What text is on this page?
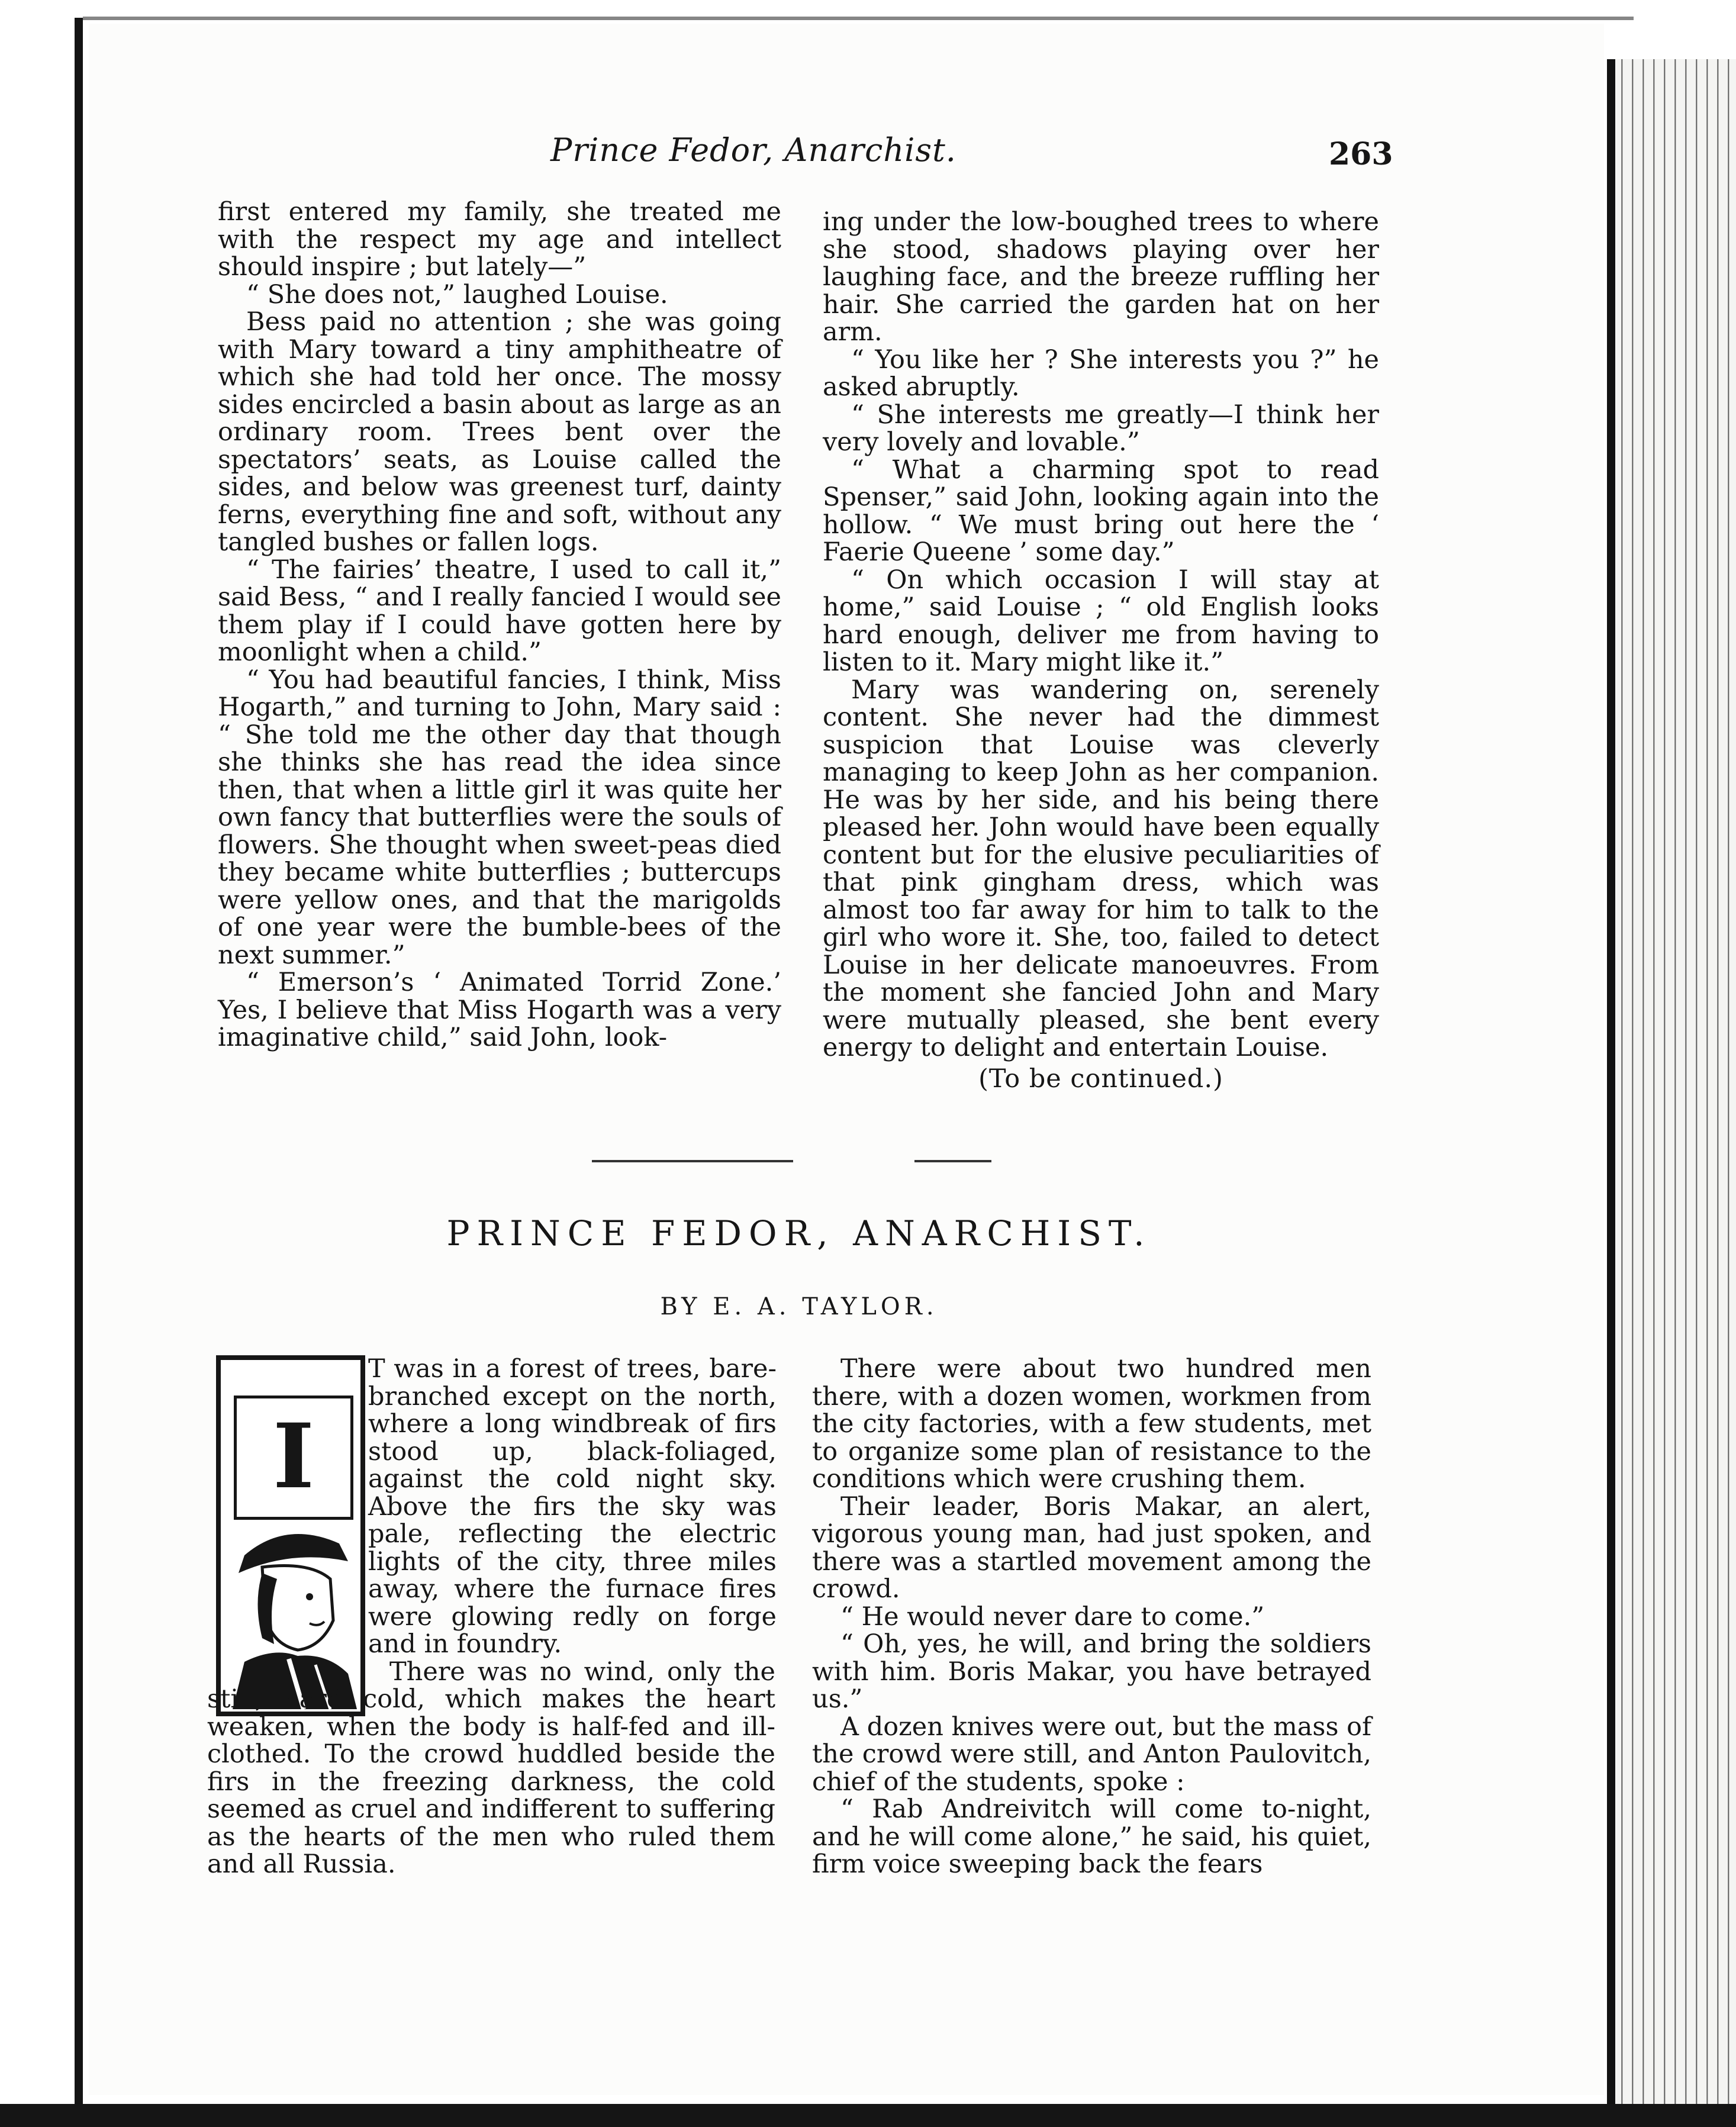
Prince Fedor, Anarchist.	263

first entered my family, she treated me with the respect my age and intellect should inspire ; but lately—”

“ She does not,” laughed Louise.

Bess paid no attention ; she was going with Mary toward a tiny amphitheatre of which she had told her once. The mossy sides encircled a basin about as large as an ordinary room. Trees bent over the spectators’ seats, as Louise called the sides, and below was greenest turf, dainty ferns, everything fine and soft, without any tangled bushes or fallen logs.

“ The fairies’ theatre, I used to call it,” said Bess, “ and I really fancied I would see them play if I could have gotten here by moonlight when a child.”

“ You had beautiful fancies, I think, Miss Hogarth,” and turning to John, Mary said : “ She told me the other day that though she thinks she has read the idea since then, that when a little girl it was quite her own fancy that butterflies were the souls of flowers. She thought when sweet-peas died they became white butterflies ; buttercups were yellow ones, and that the marigolds of one year were the bumble-bees of the next summer.”

“ Emerson’s ‘ Animated Torrid Zone.’ Yes, I believe that Miss Hogarth was a very imaginative child,” said John, look-

ing under the low-boughed trees to where she stood, shadows playing over her laughing face, and the breeze ruffling her hair. She carried the garden hat on her arm.

“ You like her ? She interests you ?” he asked abruptly.

“ She interests me greatly—I think her very lovely and lovable.”

“ What a charming spot to read Spenser,” said John, looking again into the hollow. “ We must bring out here the ‘ Faerie Queene ’ some day.”

“ On which occasion I will stay at home,” said Louise ; “ old English looks hard enough, deliver me from having to listen to it. Mary might like it.”

Mary was wandering on, serenely content. She never had the dimmest suspicion that Louise was cleverly managing to keep John as her companion. He was by her side, and his being there pleased her. John would have been equally content but for the elusive peculiarities of that pink gingham dress, which was almost too far away for him to talk to the girl who wore it. She, too, failed to detect Louise in her delicate manoeuvres. From the moment she fancied John and Mary were mutually pleased, she bent every energy to delight and entertain Louise.

(To be continued.)

PRINCE FEDOR, ANARCHIST.
BY E. A. TAYLOR.
I

T was in a forest of trees, bare-branched except on the north, where a long windbreak of firs stood up, black-foliaged, against the cold night sky. Above the firs the sky was pale, reflecting the electric lights of the city, three miles away, where the furnace fires were glowing redly on forge and in foundry.

There was no wind, only the still, hard cold, which makes the heart weaken, when the body is half-fed and ill-clothed. To the crowd huddled beside the firs in the freezing darkness, the cold seemed as cruel and indifferent to suffering as the hearts of the men who ruled them and all Russia.

There were about two hundred men there, with a dozen women, workmen from the city factories, with a few students, met to organize some plan of resistance to the conditions which were crushing them.

Their leader, Boris Makar, an alert, vigorous young man, had just spoken, and there was a startled movement among the crowd.

“ He would never dare to come.”

“ Oh, yes, he will, and bring the soldiers with him. Boris Makar, you have betrayed us.”

A dozen knives were out, but the mass of the crowd were still, and Anton Paulovitch, chief of the students, spoke :

“ Rab Andreivitch will come to-night, and he will come alone,” he said, his quiet, firm voice sweeping back the fears
